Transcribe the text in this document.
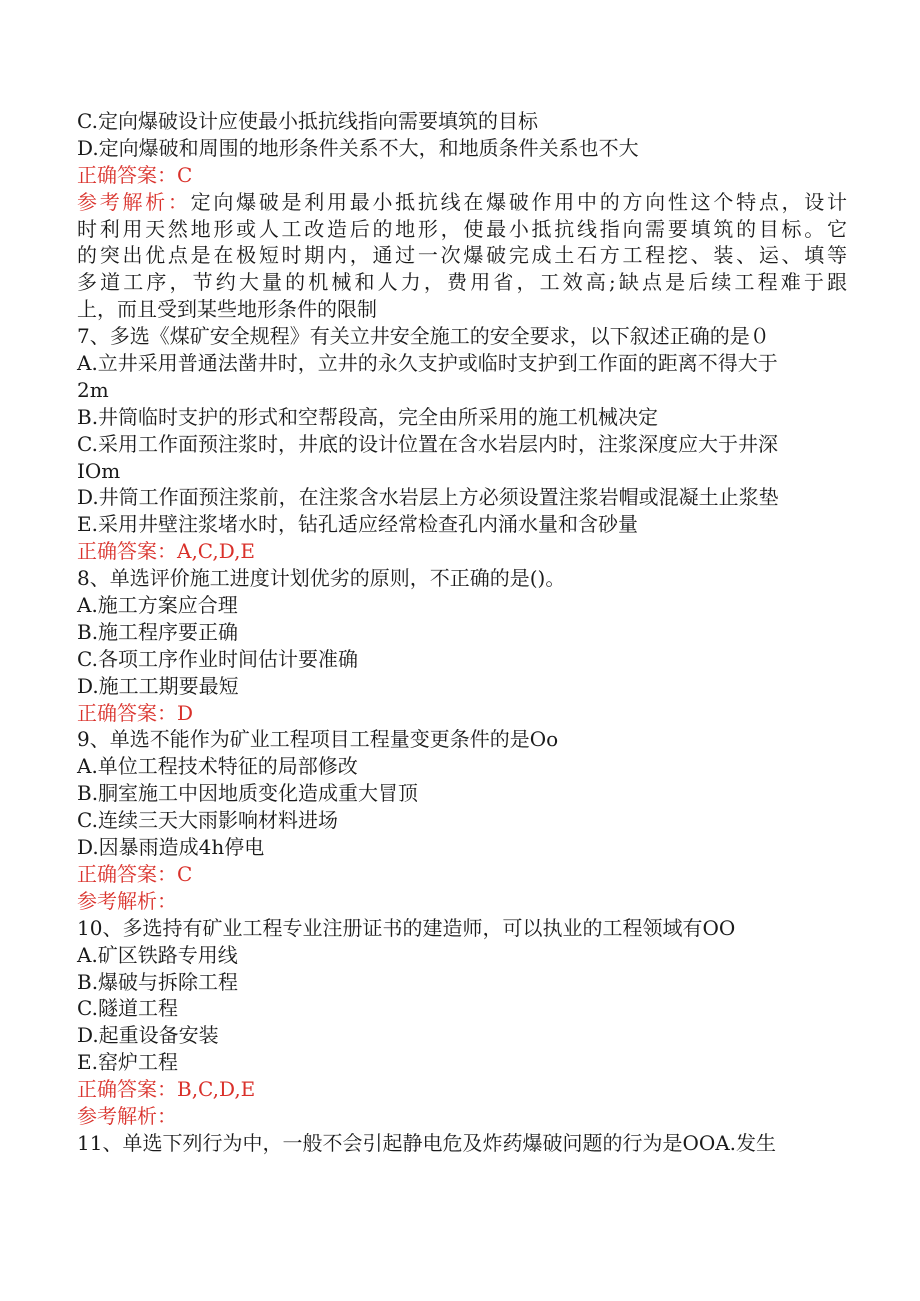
C.定向爆破设计应使最小抵抗线指向需要填筑的目标
D.定向爆破和周围的地形条件关系不大，和地质条件关系也不大
正确答案：C
参考解析：定向爆破是利用最小抵抗线在爆破作用中的方向性这个特点，设计
时利用天然地形或人工改造后的地形，使最小抵抗线指向需要填筑的目标。它
的突出优点是在极短时期内，通过一次爆破完成土石方工程挖、装、运、填等
多道工序，节约大量的机械和人力，费用省，工效高;缺点是后续工程难于跟
上，而且受到某些地形条件的限制
7、多选《煤矿安全规程》有关立井安全施工的安全要求，以下叙述正确的是０
A.立井采用普通法凿井时，立井的永久支护或临时支护到工作面的距离不得大于
2m
B.井筒临时支护的形式和空帮段高，完全由所采用的施工机械决定
C.采用工作面预注浆时，井底的设计位置在含水岩层内时，注浆深度应大于井深
IOm
D.井筒工作面预注浆前，在注浆含水岩层上方必须设置注浆岩帽或混凝土止浆垫
E.采用井壁注浆堵水时，钻孔适应经常检查孔内涌水量和含砂量
正确答案：A,C,D,E
8、单选评价施工进度计划优劣的原则，不正确的是()。
A.施工方案应合理
B.施工程序要正确
C.各项工序作业时间估计要准确
D.施工工期要最短
正确答案：D
9、单选不能作为矿业工程项目工程量变更条件的是Oo
A.单位工程技术特征的局部修改
B.胴室施工中因地质变化造成重大冒顶
C.连续三天大雨影响材料进场
D.因暴雨造成4h停电
正确答案：C
参考解析：
10、多选持有矿业工程专业注册证书的建造师，可以执业的工程领域有OO
A.矿区铁路专用线
B.爆破与拆除工程
C.隧道工程
D.起重设备安装
E.窑炉工程
正确答案：B,C,D,E
参考解析：
11、单选下列行为中，一般不会引起静电危及炸药爆破问题的行为是OOA.发生
